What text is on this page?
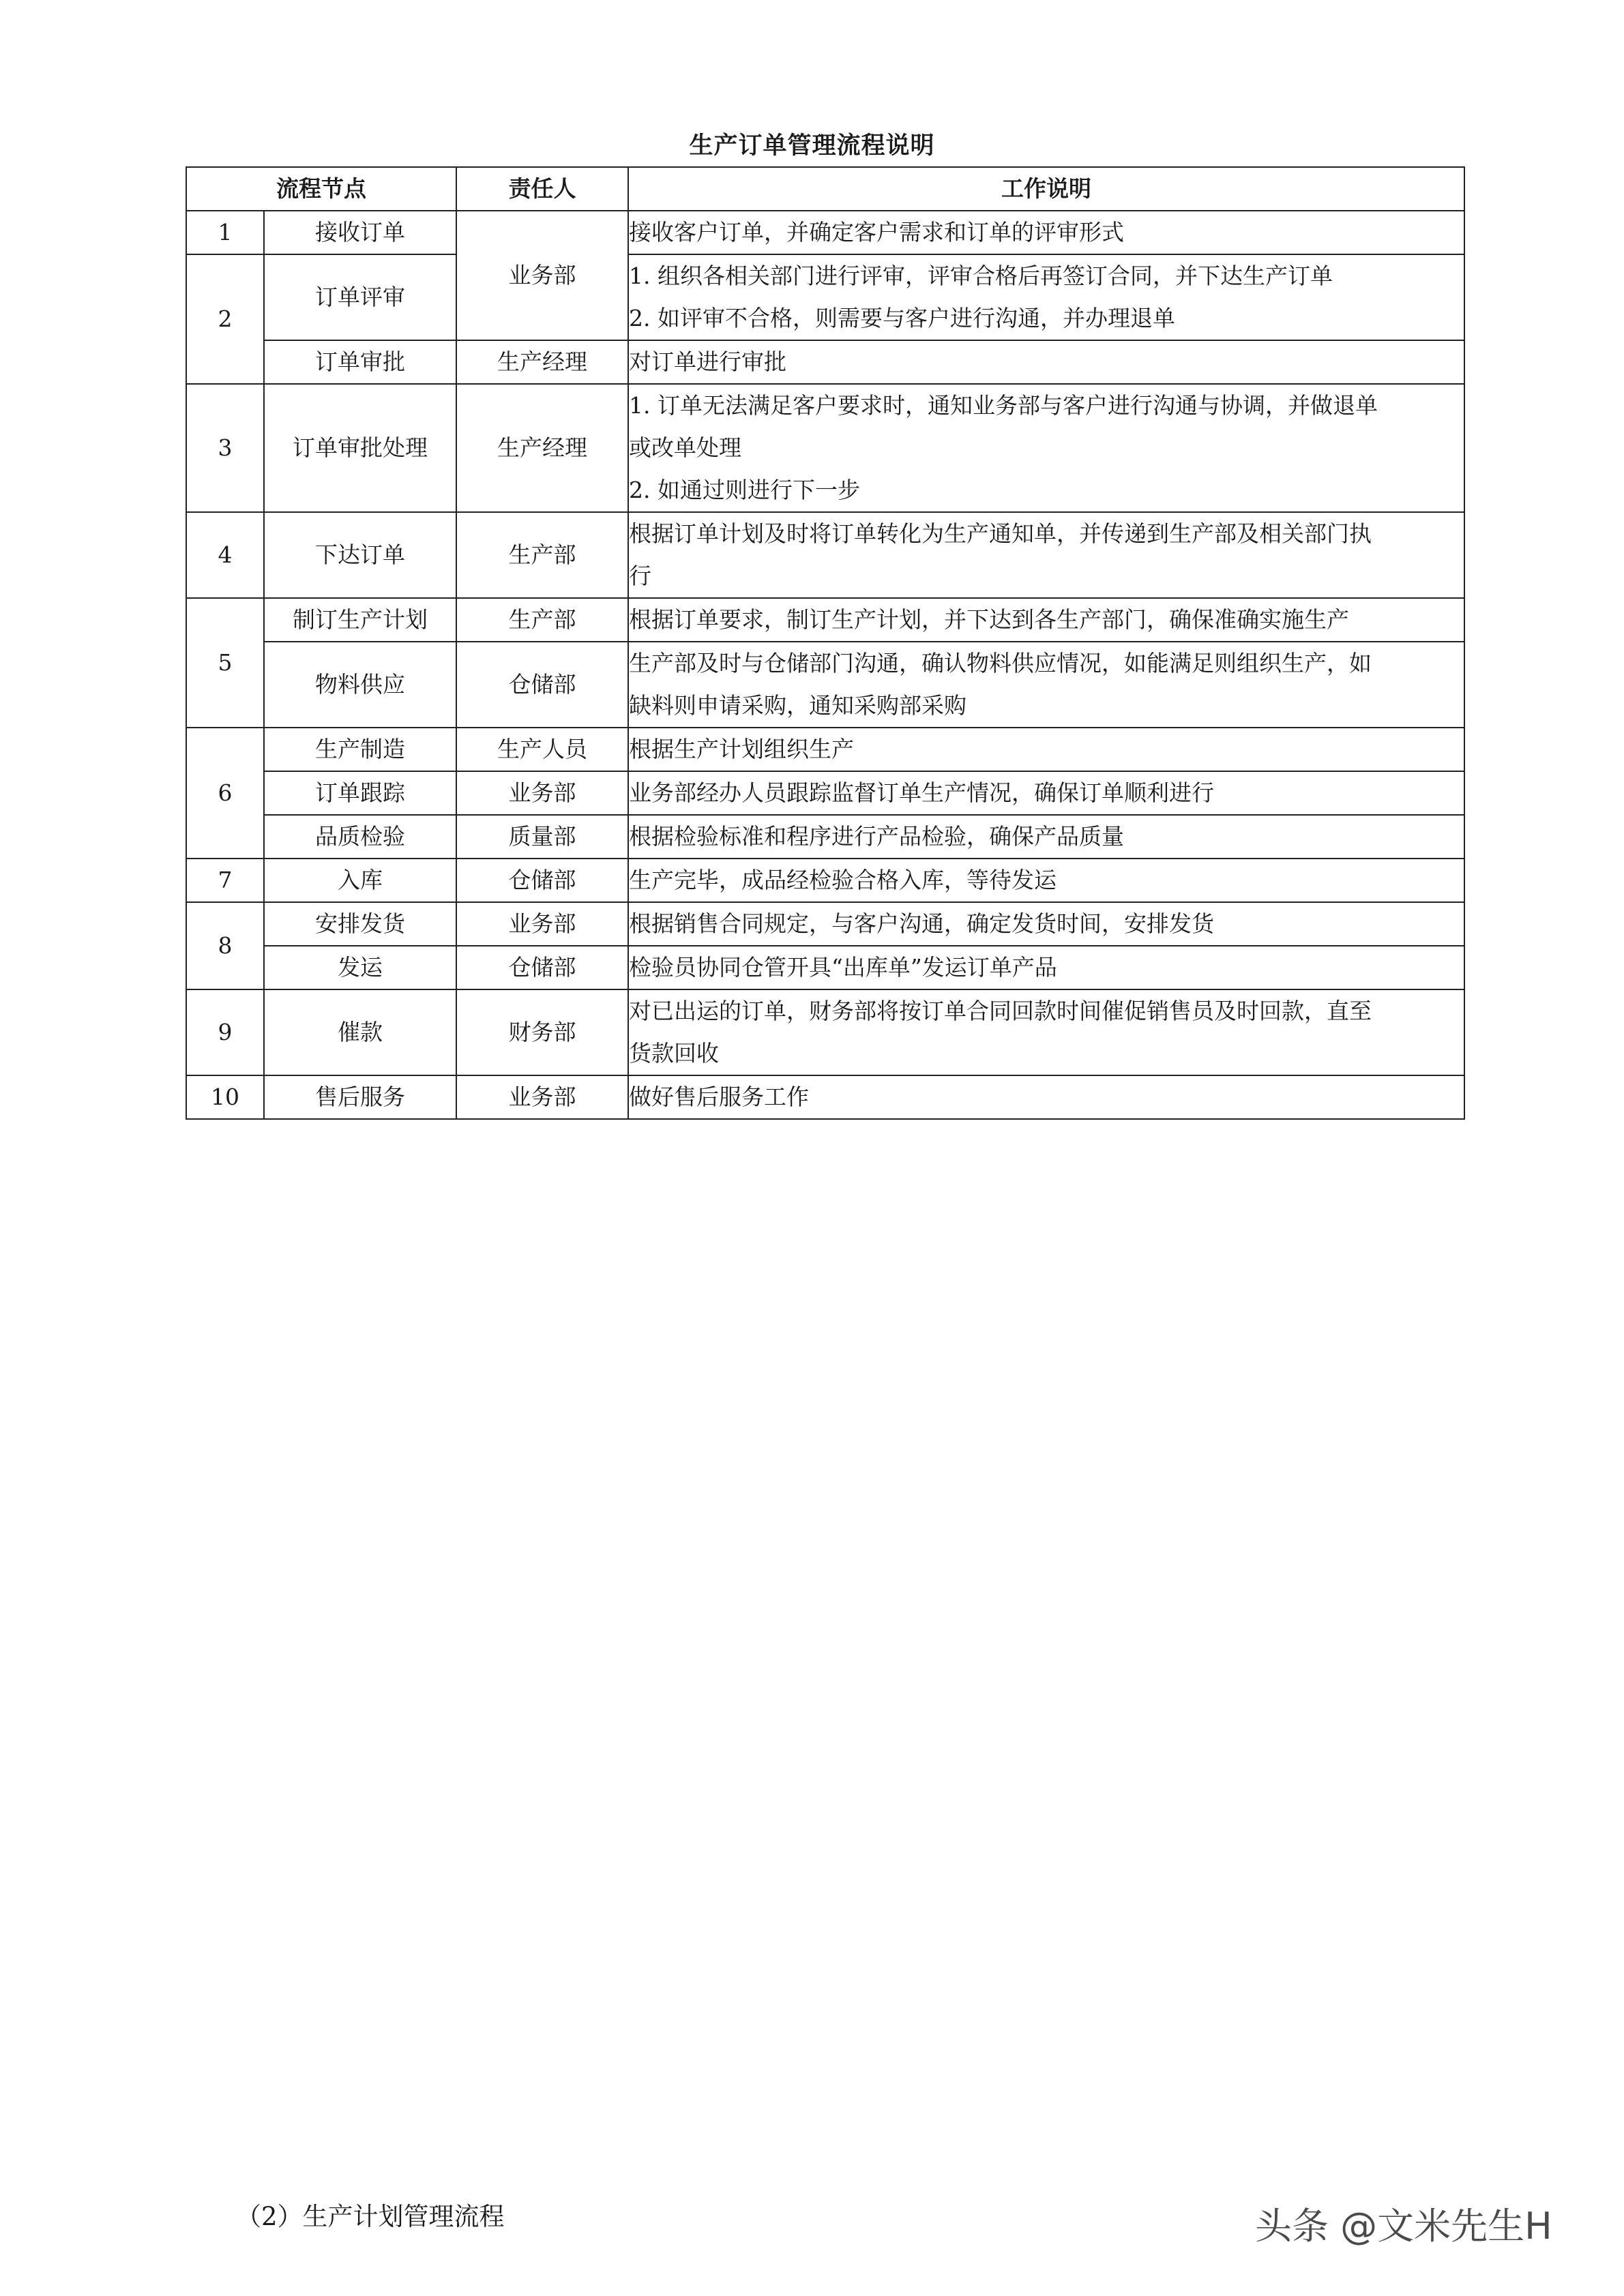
生产订单管理流程说明
流程节点		责任人	工作说明
1	接收订单	业务部	接收客户订单，并确定客户需求和订单的评审形式

2	订单评审		1. 组织各相关部门进行评审，评审合格后再签订合同，并下达生产订单
2. 如评审不合格，则需要与客户进行沟通，并办理退单

	订单审批	生产经理	对订单进行审批

3	订单审批处理	生产经理	1. 订单无法满足客户要求时，通知业务部与客户进行沟通与协调，并做退单
或改单处理
2. 如通过则进行下一步

4	下达订单	生产部	根据订单计划及时将订单转化为生产通知单，并传递到生产部及相关部门执
行

5	制订生产计划	生产部	根据订单要求，制订生产计划，并下达到各生产部门，确保准确实施生产

	物料供应	仓储部	生产部及时与仓储部门沟通，确认物料供应情况，如能满足则组织生产，如
缺料则申请采购，通知采购部采购

6	生产制造	生产人员	根据生产计划组织生产

	订单跟踪	业务部	业务部经办人员跟踪监督订单生产情况，确保订单顺利进行

	品质检验	质量部	根据检验标准和程序进行产品检验，确保产品质量

7	入库	仓储部	生产完毕，成品经检验合格入库，等待发运

8	安排发货	业务部	根据销售合同规定，与客户沟通，确定发货时间，安排发货

	发运	仓储部	检验员协同仓管开具“出库单”发运订单产品

9	催款	财务部	对已出运的订单，财务部将按订单合同回款时间催促销售员及时回款，直至
货款回收

10	售后服务	业务部	做好售后服务工作
（2）生产计划管理流程	头条 @文米先生H
